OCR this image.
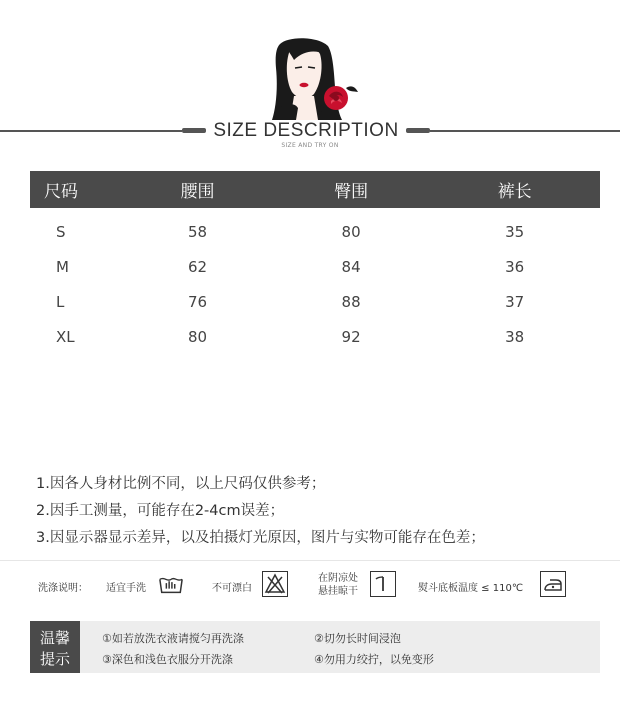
SIZE DESCRIPTION
SIZE AND TRY ON
尺码	腰围	臀围	裤长
S	58	80	35
M	62	84	36
L	76	88	37
XL	80	92	38
1.因各人身材比例不同，以上尺码仅供参考；
2.因手工测量，可能存在2-4cm误差；
3.因显示器显示差异，以及拍摄灯光原因，图片与实物可能存在色差；
洗涤说明： 适宜手洗	不可漂白
在阴凉处
悬挂晾干	熨斗底板温度 ≤ 110℃
温馨
提示
①如若放洗衣液请搅匀再洗涤	②切勿长时间浸泡
③深色和浅色衣服分开洗涤	④勿用力绞拧，以免变形
